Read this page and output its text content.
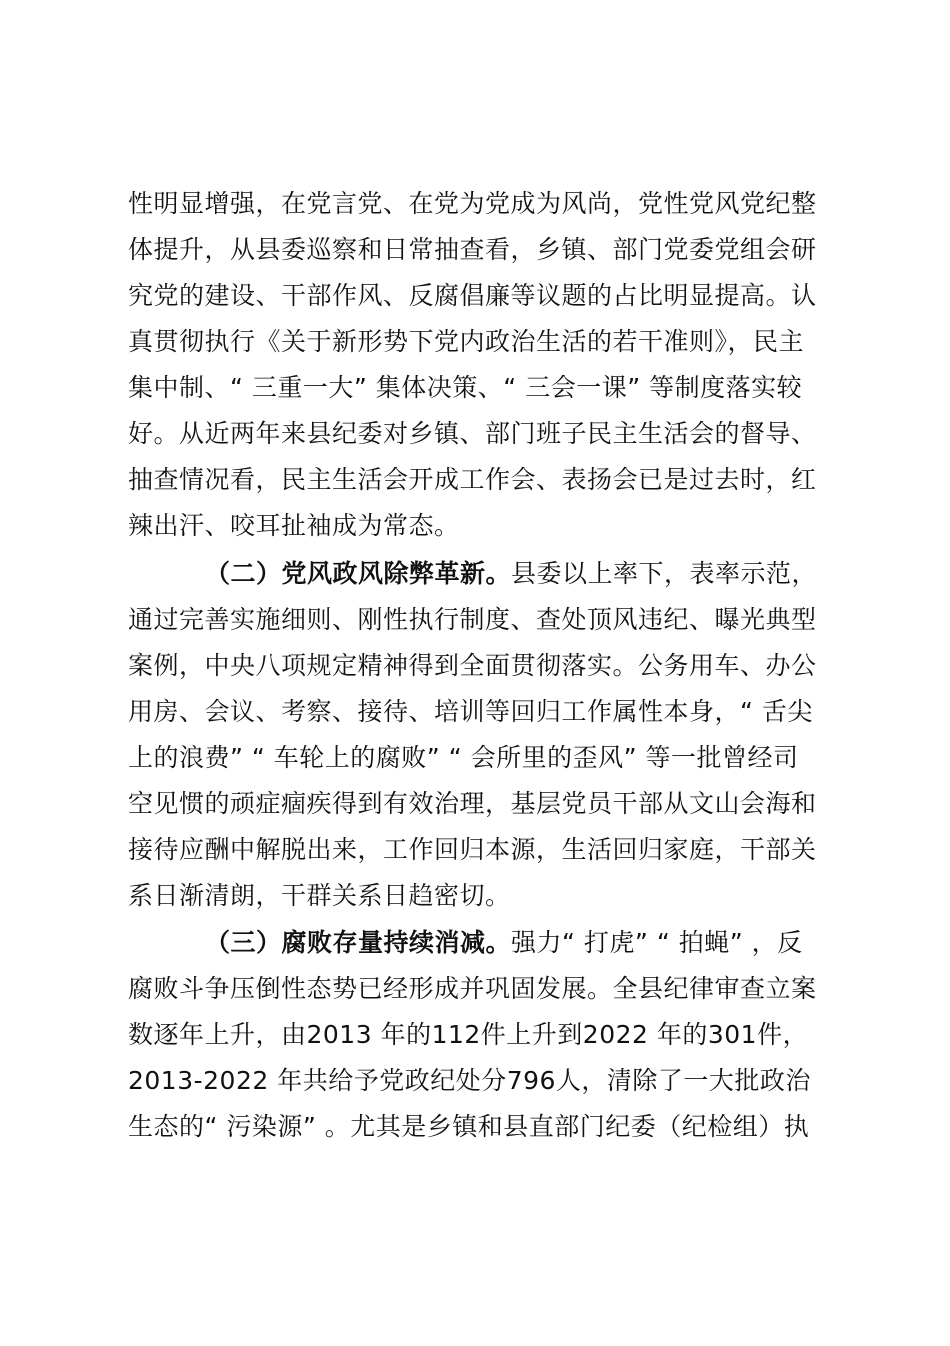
性明显增强，在党言党、在党为党成为风尚，党性党风党纪整
体提升，从县委巡察和日常抽查看，乡镇、部门党委党组会研
究党的建设、干部作风、反腐倡廉等议题的占比明显提高。认
真贯彻执行《关于新形势下党内政治生活的若干准则》，民主
集中制、“ 三重一大” 集体决策、“ 三会一课” 等制度落实较
好。从近两年来县纪委对乡镇、部门班子民主生活会的督导、
抽查情况看，民主生活会开成工作会、表扬会已是过去时，红
辣出汗、咬耳扯袖成为常态。
（二）党风政风除弊革新。县委以上率下，表率示范，
通过完善实施细则、刚性执行制度、查处顶风违纪、曝光典型
案例，中央八项规定精神得到全面贯彻落实。公务用车、办公
用房、会议、考察、接待、培训等回归工作属性本身，“ 舌尖
上的浪费” “ 车轮上的腐败” “ 会所里的歪风” 等一批曾经司
空见惯的顽症痼疾得到有效治理，基层党员干部从文山会海和
接待应酬中解脱出来，工作回归本源，生活回归家庭，干部关
系日渐清朗，干群关系日趋密切。
（三）腐败存量持续消减。强力“ 打虎” “ 拍蝇” ，反
腐败斗争压倒性态势已经形成并巩固发展。全县纪律审查立案
数逐年上升，由2013 年的112件上升到2022 年的301件，
2013-2022 年共给予党政纪处分796人，清除了一大批政治
生态的“ 污染源” 。尤其是乡镇和县直部门纪委（纪检组）执
